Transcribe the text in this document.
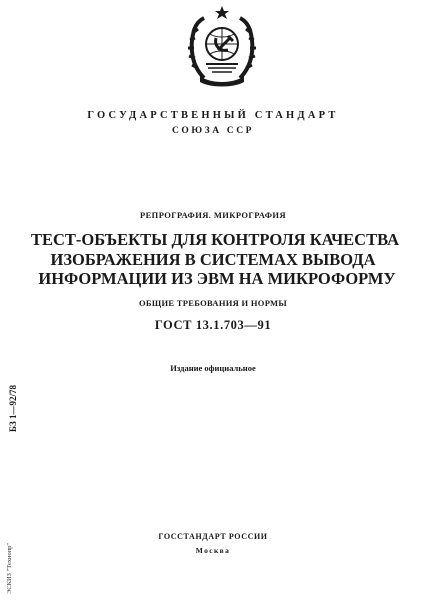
ГОСУДАРСТВЕННЫЙ СТАНДАРТ
СОЮЗА ССР
РЕПРОГРАФИЯ. МИКРОГРАФИЯ
ТЕСТ-ОБЪЕКТЫ ДЛЯ КОНТРОЛЯ КАЧЕСТВА
ИЗОБРАЖЕНИЯ В СИСТЕМАХ ВЫВОДА
ИНФОРМАЦИИ ИЗ ЭВМ НА МИКРОФОРМУ
ОБЩИЕ ТРЕБОВАНИЯ И НОРМЫ
ГОСТ 13.1.703—91
Издание официальное
ГОССТАНДАРТ РОССИИ
Москва
БЗ 1—92/78
ЭСКИЗ "Технопр"
